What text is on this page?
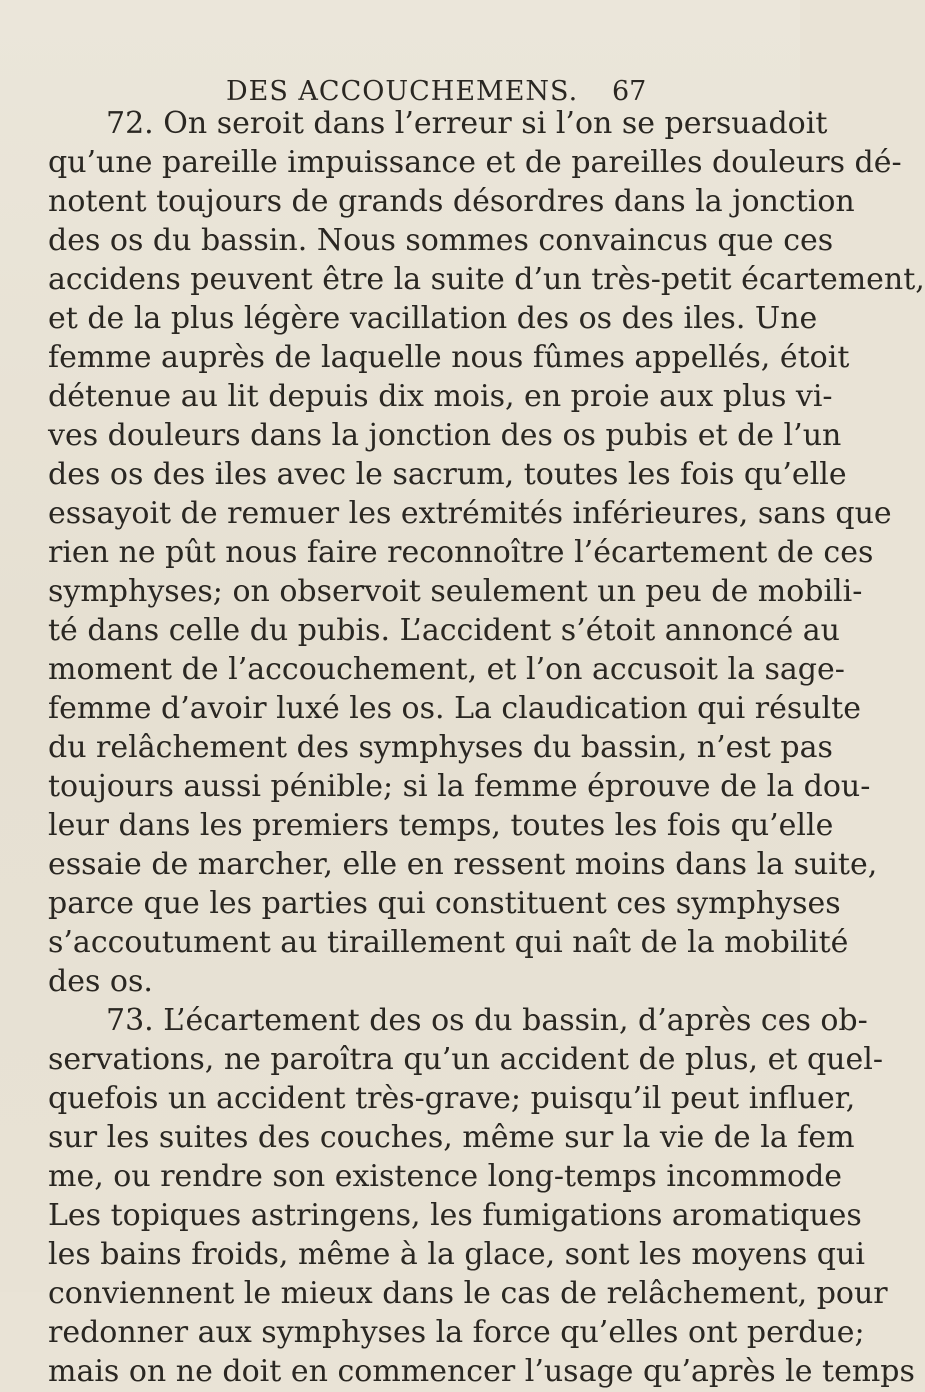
DES ACCOUCHEMENS. 67
72. On seroit dans l’erreur si l’on se persuadoit
qu’une pareille impuissance et de pareilles douleurs dé-
notent toujours de grands désordres dans la jonction
des os du bassin. Nous sommes convaincus que ces
accidens peuvent être la suite d’un très-petit écartement,
et de la plus légère vacillation des os des iles. Une
femme auprès de laquelle nous fûmes appellés, étoit
détenue au lit depuis dix mois, en proie aux plus vi-
ves douleurs dans la jonction des os pubis et de l’un
des os des iles avec le sacrum, toutes les fois qu’elle
essayoit de remuer les extrémités inférieures, sans que
rien ne pût nous faire reconnoître l’écartement de ces
symphyses; on observoit seulement un peu de mobili-
té dans celle du pubis. L’accident s’étoit annoncé au
moment de l’accouchement, et l’on accusoit la sage-
femme d’avoir luxé les os. La claudication qui résulte
du relâchement des symphyses du bassin, n’est pas
toujours aussi pénible; si la femme éprouve de la dou-
leur dans les premiers temps, toutes les fois qu’elle
essaie de marcher, elle en ressent moins dans la suite,
parce que les parties qui constituent ces symphyses
s’accoutument au tiraillement qui naît de la mobilité
des os.
73. L’écartement des os du bassin, d’après ces ob-
servations, ne paroîtra qu’un accident de plus, et quel-
quefois un accident très-grave; puisqu’il peut influer,
sur les suites des couches, même sur la vie de la fem
me, ou rendre son existence long-temps incommode
Les topiques astringens, les fumigations aromatiques
les bains froids, même à la glace, sont les moyens qui
conviennent le mieux dans le cas de relâchement, pour
redonner aux symphyses la force qu’elles ont perdue;
mais on ne doit en commencer l’usage qu’après le temps
